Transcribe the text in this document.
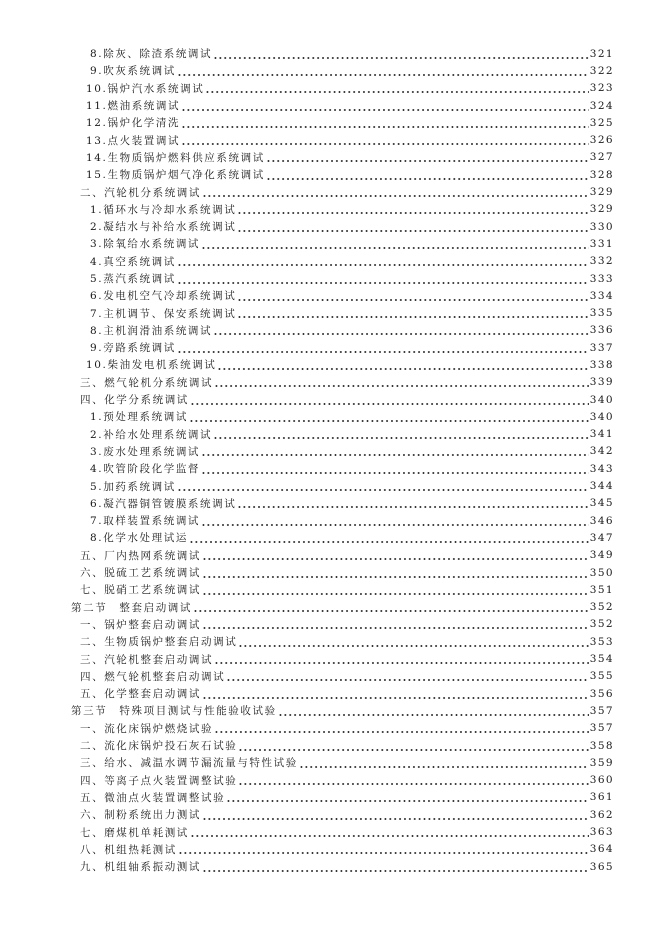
8.除灰、除渣系统调试	321
9.吹灰系统调试	322
10.锅炉汽水系统调试	323
11.燃油系统调试	324
12.锅炉化学清洗	325
13.点火装置调试	326
14.生物质锅炉燃料供应系统调试	327
15.生物质锅炉烟气净化系统调试	328
二、汽轮机分系统调试	329
1.循环水与冷却水系统调试	329
2.凝结水与补给水系统调试	330
3.除氧给水系统调试	331
4.真空系统调试	332
5.蒸汽系统调试	333
6.发电机空气冷却系统调试	334
7.主机调节、保安系统调试	335
8.主机润滑油系统调试	336
9.旁路系统调试	337
10.柴油发电机系统调试	338
三、燃气轮机分系统调试	339
四、化学分系统调试	340
1.预处理系统调试	340
2.补给水处理系统调试	341
3.废水处理系统调试	342
4.吹管阶段化学监督	343
5.加药系统调试	344
6.凝汽器铜管镀膜系统调试	345
7.取样装置系统调试	346
8.化学水处理试运	347
五、厂内热网系统调试	349
六、脱硫工艺系统调试	350
七、脱硝工艺系统调试	351
第二节　整套启动调试	352
一、锅炉整套启动调试	352
二、生物质锅炉整套启动调试	353
三、汽轮机整套启动调试	354
四、燃气轮机整套启动调试	355
五、化学整套启动调试	356
第三节　特殊项目测试与性能验收试验	357
一、流化床锅炉燃烧试验	357
二、流化床锅炉投石灰石试验	358
三、给水、减温水调节漏流量与特性试验	359
四、等离子点火装置调整试验	360
五、微油点火装置调整试验	361
六、制粉系统出力测试	362
七、磨煤机单耗测试	363
八、机组热耗测试	364
九、机组轴系振动测试	365
